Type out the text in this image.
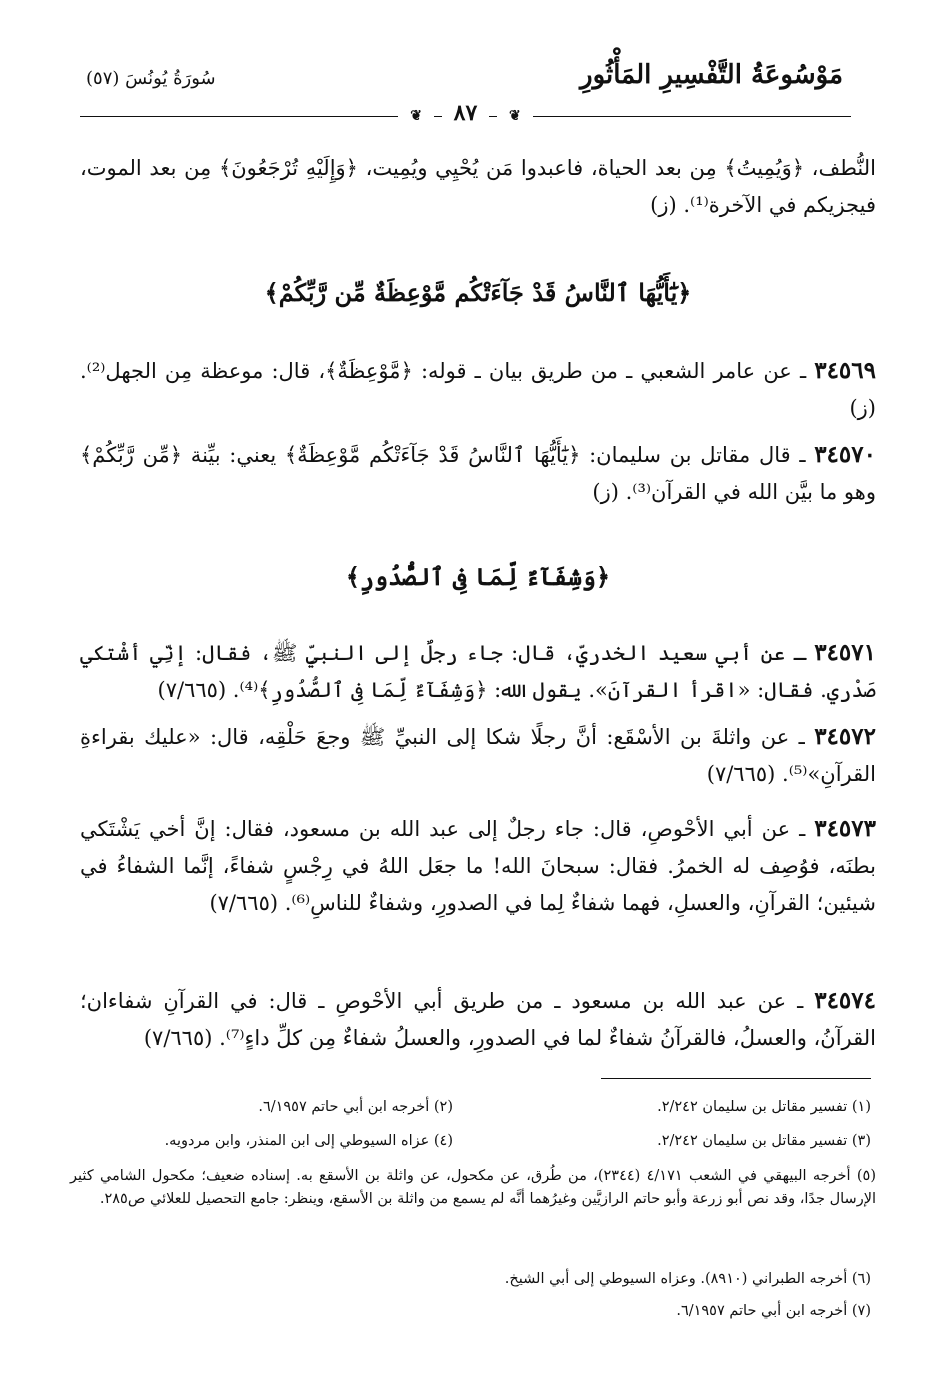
مَوْسُوعَةُ التَّفْسِيرِ المَأْثُورِ
سُورَةُ يُونُسَ (٥٧)
❦ ٨٧ ❦
النُّطف، ﴿وَيُمِيتُ﴾ مِن بعد الحياة، فاعبدوا مَن يُحْيِي ويُمِيت، ﴿وَإِلَيْهِ تُرْجَعُونَ﴾ مِن بعد الموت، فيجزيكم في الآخرة⁽¹⁾. (ز)
﴿يَٰٓأَيُّهَا ٱلنَّاسُ قَدْ جَآءَتْكُم مَّوْعِظَةٌ مِّن رَّبِّكُمْ﴾
٣٤٥٦٩ ـ عن عامر الشعبي ـ من طريق بيان ـ قوله: ﴿مَّوْعِظَةٌ﴾، قال: موعظة مِن الجهل⁽²⁾. (ز)
٣٤٥٧٠ ـ قال مقاتل بن سليمان: ﴿يَٰٓأَيُّهَا ٱلنَّاسُ قَدْ جَآءَتْكُم مَّوْعِظَةٌ﴾ يعني: بيِّنة ﴿مِّن رَّبِّكُمْ﴾ وهو ما بيَّن الله في القرآن⁽³⁾. (ز)
﴿وَشِفَآءٌ لِّمَا فِى ٱلصُّدُورِ﴾
٣٤٥٧١ ـ عن أبي سعيد الخدريِّ، قال: جاء رجلٌ إلى النبيِّ ﷺ، فقال: إنِّي أشْتكي صَدْري. فقال: «اقرأ القرآنَ». يقول الله: ﴿وَشِفَآءٌ لِّمَا فِى ٱلصُّدُورِ﴾⁽⁴⁾. (٧/٦٦٥)
٣٤٥٧٢ ـ عن واثلةَ بن الأسْقَع: أنَّ رجلًا شكا إلى النبيِّ ﷺ وجعَ حَلْقِه، قال: «عليك بقراءةِ القرآنِ»⁽⁵⁾. (٧/٦٦٥)
٣٤٥٧٣ ـ عن أبي الأحْوصِ، قال: جاء رجلٌ إلى عبد الله بن مسعود، فقال: إنَّ أخي يَشْتَكي بطنَه، فوُصِف له الخمرُ. فقال: سبحانَ الله! ما جعَل اللهُ في رِجْسٍ شفاءً، إنَّما الشفاءُ في شيئين؛ القرآنِ، والعسلِ، فهما شفاءٌ لِما في الصدورِ، وشفاءٌ للناسِ⁽⁶⁾. (٧/٦٦٥)
٣٤٥٧٤ ـ عن عبد الله بن مسعود ـ من طريق أبي الأحْوصِ ـ قال: في القرآنِ شفاءان؛ القرآنُ، والعسلُ، فالقرآنُ شفاءٌ لما في الصدورِ، والعسلُ شفاءٌ مِن كلِّ داءٍ⁽⁷⁾. (٧/٦٦٥)
(١) تفسير مقاتل بن سليمان ٢/٢٤٢.
(٢) أخرجه ابن أبي حاتم ٦/١٩٥٧.
(٣) تفسير مقاتل بن سليمان ٢/٢٤٢.
(٤) عزاه السيوطي إلى ابن المنذر، وابن مردويه.
(٥) أخرجه البيهقي في الشعب ٤/١٧١ (٢٣٤٤)، من طُرق، عن مكحول، عن واثلة بن الأسقع به. إسناده ضعيف؛ مكحول الشامي كثير الإرسال جدًا، وقد نص أبو زرعة وأبو حاتم الرازيَّين وغيرُهما أنَّه لم يسمع من واثلة بن الأسقع، وينظر: جامع التحصيل للعلائي ص٢٨٥.
(٦) أخرجه الطبراني (٨٩١٠). وعزاه السيوطي إلى أبي الشيخ.
(٧) أخرجه ابن أبي حاتم ٦/١٩٥٧.
